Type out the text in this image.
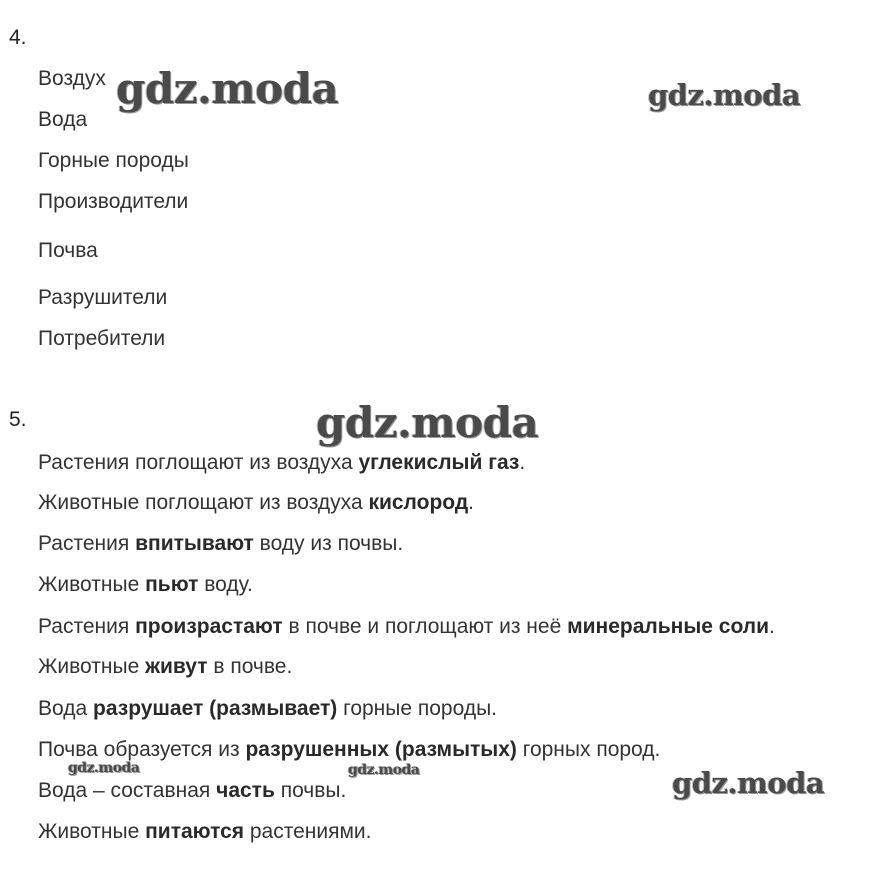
4.
Воздух
Вода
Горные породы
Производители
Почва
Разрушители
Потребители
5.
Растения поглощают из воздуха углекислый газ.
Животные поглощают из воздуха кислород.
Растения впитывают воду из почвы.
Животные пьют воду.
Растения произрастают в почве и поглощают из неё минеральные соли.
Животные живут в почве.
Вода разрушает (размывает) горные породы.
Почва образуется из разрушенных (размытых) горных пород.
Вода – составная часть почвы.
Животные питаются растениями.
gdz.moda	gdz.moda
gdz.moda
gdz.moda	gdz.moda	gdz.moda
